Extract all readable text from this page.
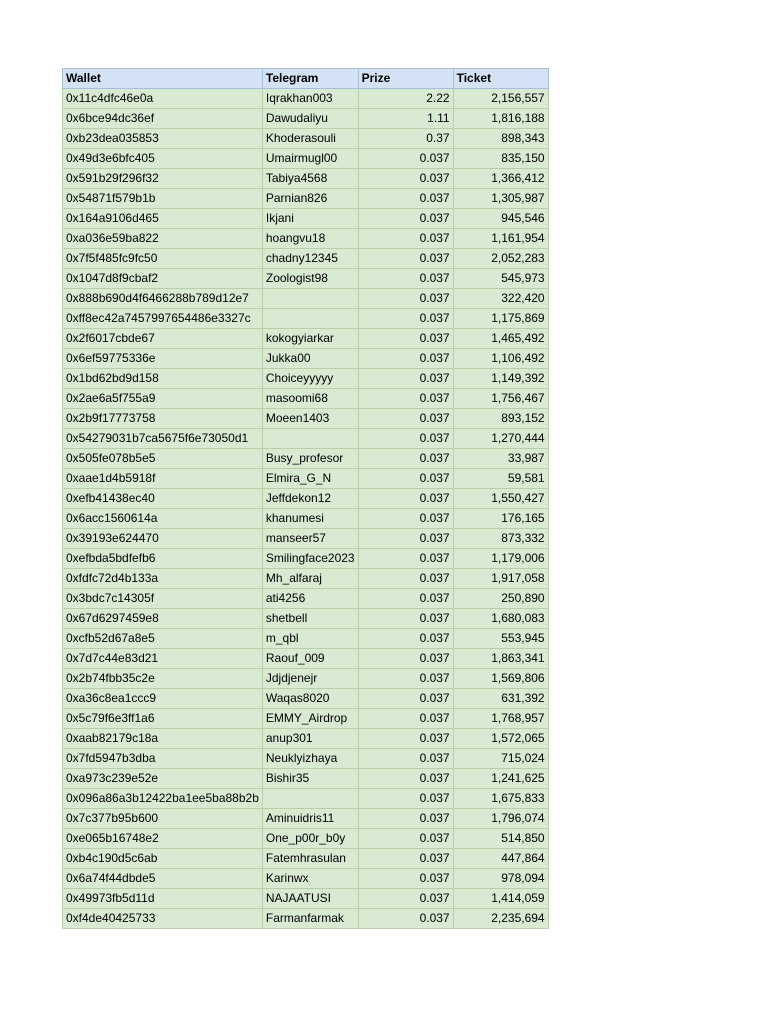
Wallet	Telegram	Prize	Ticket
0x11c4dfc46e0a	Iqrakhan003	2.22	2,156,557
0x6bce94dc36ef	Dawudaliyu	1.11	1,816,188
0xb23dea035853	Khoderasouli	0.37	898,343
0x49d3e6bfc405	Umairmugl00	0.037	835,150
0x591b29f296f32	Tabiya4568	0.037	1,366,412
0x54871f579b1b	Parnian826	0.037	1,305,987
0x164a9106d465	Ikjani	0.037	945,546
0xa036e59ba822	hoangvu18	0.037	1,161,954
0x7f5f485fc9fc50	chadny12345	0.037	2,052,283
0x1047d8f9cbaf2	Zoologist98	0.037	545,973
0x888b690d4f6466288b789d12e7		0.037	322,420
0xff8ec42a7457997654486e3327c		0.037	1,175,869
0x2f6017cbde67	kokogyiarkar	0.037	1,465,492
0x6ef59775336e	Jukka00	0.037	1,106,492
0x1bd62bd9d158	Choiceyyyyy	0.037	1,149,392
0x2ae6a5f755a9	masoomi68	0.037	1,756,467
0x2b9f17773758	Moeen1403	0.037	893,152
0x54279031b7ca5675f6e73050d1		0.037	1,270,444
0x505fe078b5e5	Busy_profesor	0.037	33,987
0xaae1d4b5918f	Elmira_G_N	0.037	59,581
0xefb41438ec40	Jeffdekon12	0.037	1,550,427
0x6acc1560614a	khanumesi	0.037	176,165
0x39193e624470	manseer57	0.037	873,332
0xefbda5bdfefb6	Smilingface2023	0.037	1,179,006
0xfdfc72d4b133a	Mh_alfaraj	0.037	1,917,058
0x3bdc7c14305f	ati4256	0.037	250,890
0x67d6297459e8	shetbell	0.037	1,680,083
0xcfb52d67a8e5	m_qbl	0.037	553,945
0x7d7c44e83d21	Raouf_009	0.037	1,863,341
0x2b74fbb35c2e	Jdjdjenejr	0.037	1,569,806
0xa36c8ea1ccc9	Waqas8020	0.037	631,392
0x5c79f6e3ff1a6	EMMY_Airdrop	0.037	1,768,957
0xaab82179c18a	anup301	0.037	1,572,065
0x7fd5947b3dba	Neuklyizhaya	0.037	715,024
0xa973c239e52e	Bishir35	0.037	1,241,625
0x096a86a3b12422ba1ee5ba88b2b		0.037	1,675,833
0x7c377b95b600	Aminuidris11	0.037	1,796,074
0xe065b16748e2	One_p00r_b0y	0.037	514,850
0xb4c190d5c6ab	Fatemhrasulan	0.037	447,864
0x6a74f44dbde5	Karinwx	0.037	978,094
0x49973fb5d11d	NAJAATUSI	0.037	1,414,059
0xf4de40425733	Farmanfarmak	0.037	2,235,694
